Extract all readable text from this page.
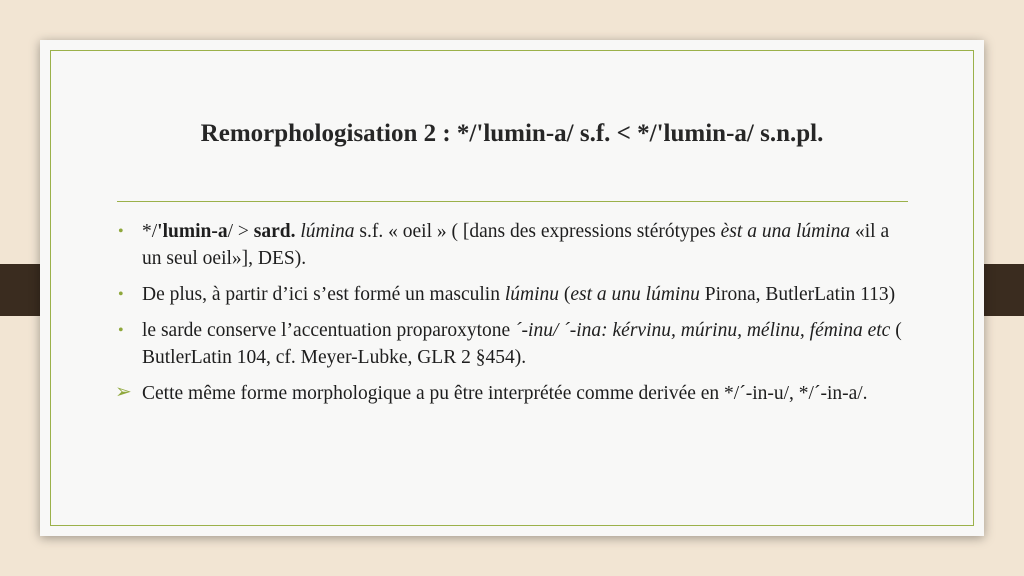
Remorphologisation 2 : */'lumin-a/ s.f. < */'lumin-a/ s.n.pl.
• */'lumin-a/ > sard. lúmina s.f. « oeil » ( [dans des expressions stérótypes èst a una lúmina «il a un seul oeil»], DES).
• De plus, à partir d’ici s’est formé un masculin lúminu (est a unu lúminu Pirona, ButlerLatin 113)
• le sarde conserve l’accentuation proparoxytone ´-inu/ ´-ina: kérvinu, múrinu, mélinu, fémina etc ( ButlerLatin 104, cf. Meyer-Lubke, GLR 2 §454).
➢ Cette même forme morphologique a pu être interprétée comme derivée en */´-in-u/, */´-in-a/.
